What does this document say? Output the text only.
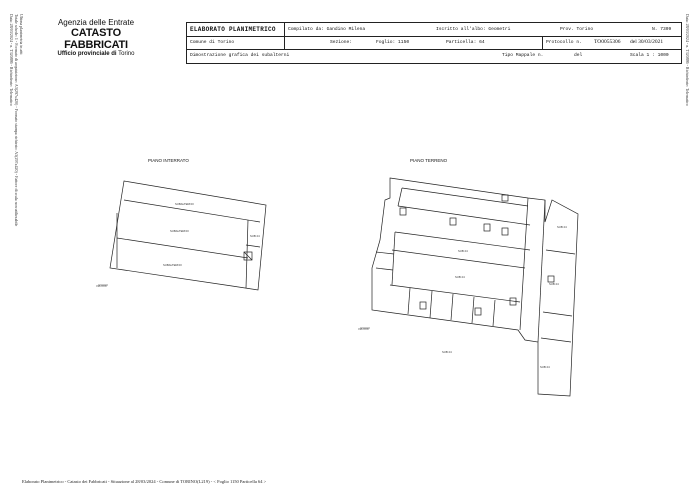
Data: 28/03/2024 - n. T320886 - Richiedente: Telematico Totale schede: 1 - Formato di acquisizione: A3(297x420) - Formato stampa richiesto: A3(297x420) - Fattore di scala non utilizzabile Ultima planimetria in atti	Data: 28/03/2024 - n. T320886 - Richiedente: Telematico
Agenzia delle Entrate
CATASTO FABBRICATI
Ufficio provinciale di Torino
ELABORATO PLANIMETRICO	Compilato da: Gandino Milena	Iscritto all'albo: Geometri	Prov. Torino	N. 7309
Comune di Torino	Sezione:	Foglio: 1150	Particella: 64	Protocollo n.	TO0055306	del 30/03/2021
Dimostrazione grafica dei subalterni	Tipo Mappale n.	del	Scala 1 : 1000
PIANO INTERRATO	PIANO TERRENO
SUBALTERNO
SUBALTERNO
SUBALTERNO
SUB 24
SUB 24
SUB 24
SUB 24
SUB 24
SUB 24
SUB 24
VIA XXX
VIA XXX
Elaborato Planimetrico - Catasto dei Fabbricati - Situazione al 28/03/2024 - Comune di TORINO(L219) - < Foglio 1150 Particella 64 >
